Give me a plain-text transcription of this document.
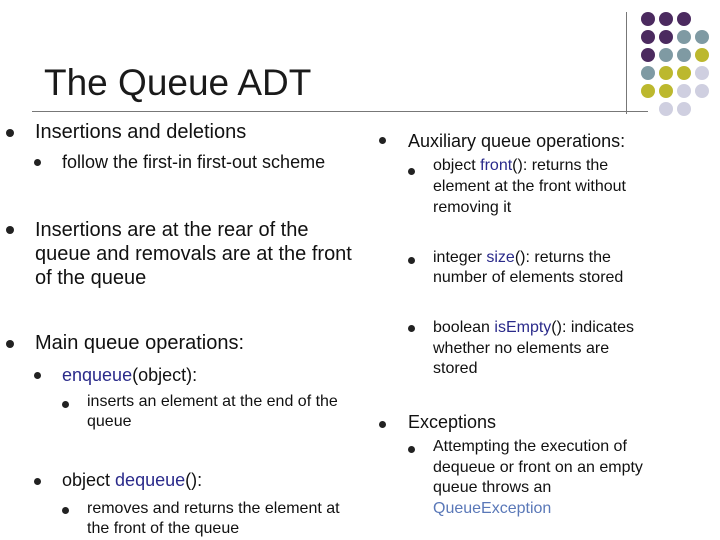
The Queue ADT
Insertions and deletions
follow the first-in first-out scheme
Insertions are at the rear of the
queue and removals are at the front
of the queue
Main queue operations:
enqueue(object):
inserts an element at the end of the
queue
object dequeue():
removes and returns the element at
the front of the queue
Auxiliary queue operations:
object front(): returns the
element at the front without
removing it
integer size(): returns the
number of elements stored
boolean isEmpty(): indicates
whether no elements are
stored
Exceptions
Attempting the execution of
dequeue or front on an empty
queue throws an
QueueException
